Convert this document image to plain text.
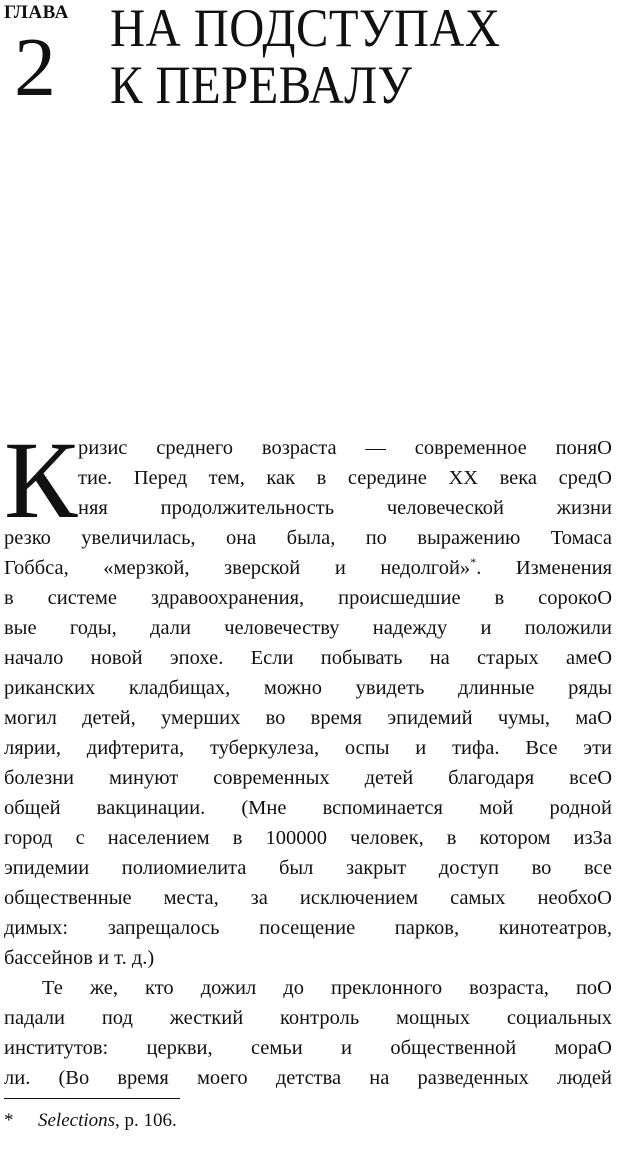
ГЛАВА
2 НА ПОДСТУПАХ
К ПЕРЕВАЛУ
К ризис среднего возраста — современное поняО
тие. Перед тем, как в середине XX века средО
няя продолжительность человеческой жизни
резко увеличилась, она была, по выражению Томаса
Гоббса, «мерзкой, зверской и недолгой»*. Изменения
в системе здравоохранения, происшедшие в сорокоО
вые годы, дали человечеству надежду и положили
начало новой эпохе. Если побывать на старых амеО
риканских кладбищах, можно увидеть длинные ряды
могил детей, умерших во время эпидемий чумы, маО
лярии, дифтерита, туберкулеза, оспы и тифа. Все эти
болезни минуют современных детей благодаря всеО
общей вакцинации. (Мне вспоминается мой родной
город с населением в 100000 человек, в котором изЗа
эпидемии полиомиелита был закрыт доступ во все
общественные места, за исключением самых необхоО
димых: запрещалось посещение парков, кинотеатров,
бассейнов и т. д.)
Те же, кто дожил до преклонного возраста, поО
падали под жесткий контроль мощных социальных
институтов: церкви, семьи и общественной мораО
ли. (Во время моего детства на разведенных людей
* Selections, p. 106.
